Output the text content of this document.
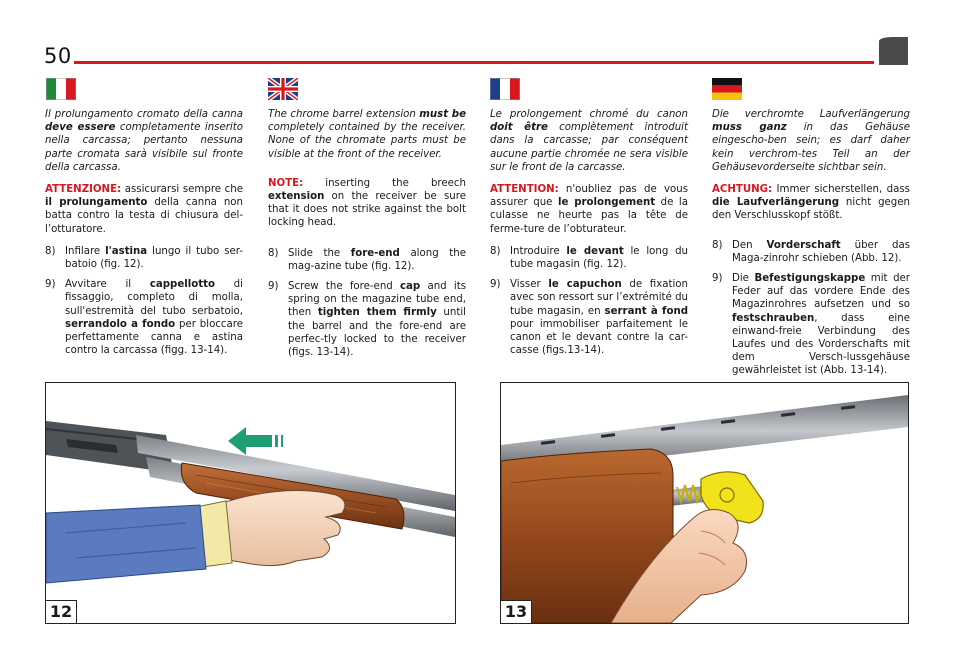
50

Il prolungamento cromato della canna deve essere completamente inserito nella carcassa; pertanto nessuna parte cromata sarà visibile sul fronte della carcassa.

ATTENZIONE: assicurarsi sempre che il prolungamento della canna non batta contro la testa di chiusura del-l’otturatore.

8) Infilare l'astina lungo il tubo ser-batoio (fig. 12).
9) Avvitare il cappellotto di fissaggio, completo di molla, sull'estremità del tubo serbatoio, serrandolo a fondo per bloccare perfettamente canna e astina contro la carcassa (figg. 13-14).

The chrome barrel extension must be completely contained by the receiver. None of the chromate parts must be visible at the front of the receiver.

NOTE: inserting the breech extension on the receiver be sure that it does not strike against the bolt locking head.

8) Slide the fore-end along the mag-azine tube (fig. 12).
9) Screw the fore-end cap and its spring on the magazine tube end, then tighten them firmly until the barrel and the fore-end are perfec-tly locked to the receiver (figs. 13-14).

Le prolongement chromé du canon doit être complètement introduit dans la carcasse; par conséquent aucune partie chromée ne sera visible sur le front de la carcasse.

ATTENTION: n'oubliez pas de vous assurer que le prolongement de la culasse ne heurte pas la tête de ferme-ture de l’obturateur.

8) Introduire le devant le long du tube magasin (fig. 12).
9) Visser le capuchon de fixation avec son ressort sur l’extrémité du tube magasin, en serrant à fond pour immobiliser parfaitement le canon et le devant contre la car-casse (figs.13-14).

Die verchromte Laufverlängerung muss ganz in das Gehäuse eingescho-ben sein; es darf daher kein verchrom-tes Teil an der Gehäusevorderseite sichtbar sein.

ACHTUNG: Immer sicherstellen, dass die Laufverlängerung nicht gegen den Verschlusskopf stößt.

8) Den Vorderschaft über das Maga-zinrohr schieben (Abb. 12).
9) Die Befestigungskappe mit der Feder auf das vordere Ende des Magazinrohres aufsetzen und so festschrauben, dass eine einwand-freie Verbindung des Laufes und des Vorderschafts mit dem Versch-lussgehäuse gewährleistet ist (Abb. 13-14).
12	13
